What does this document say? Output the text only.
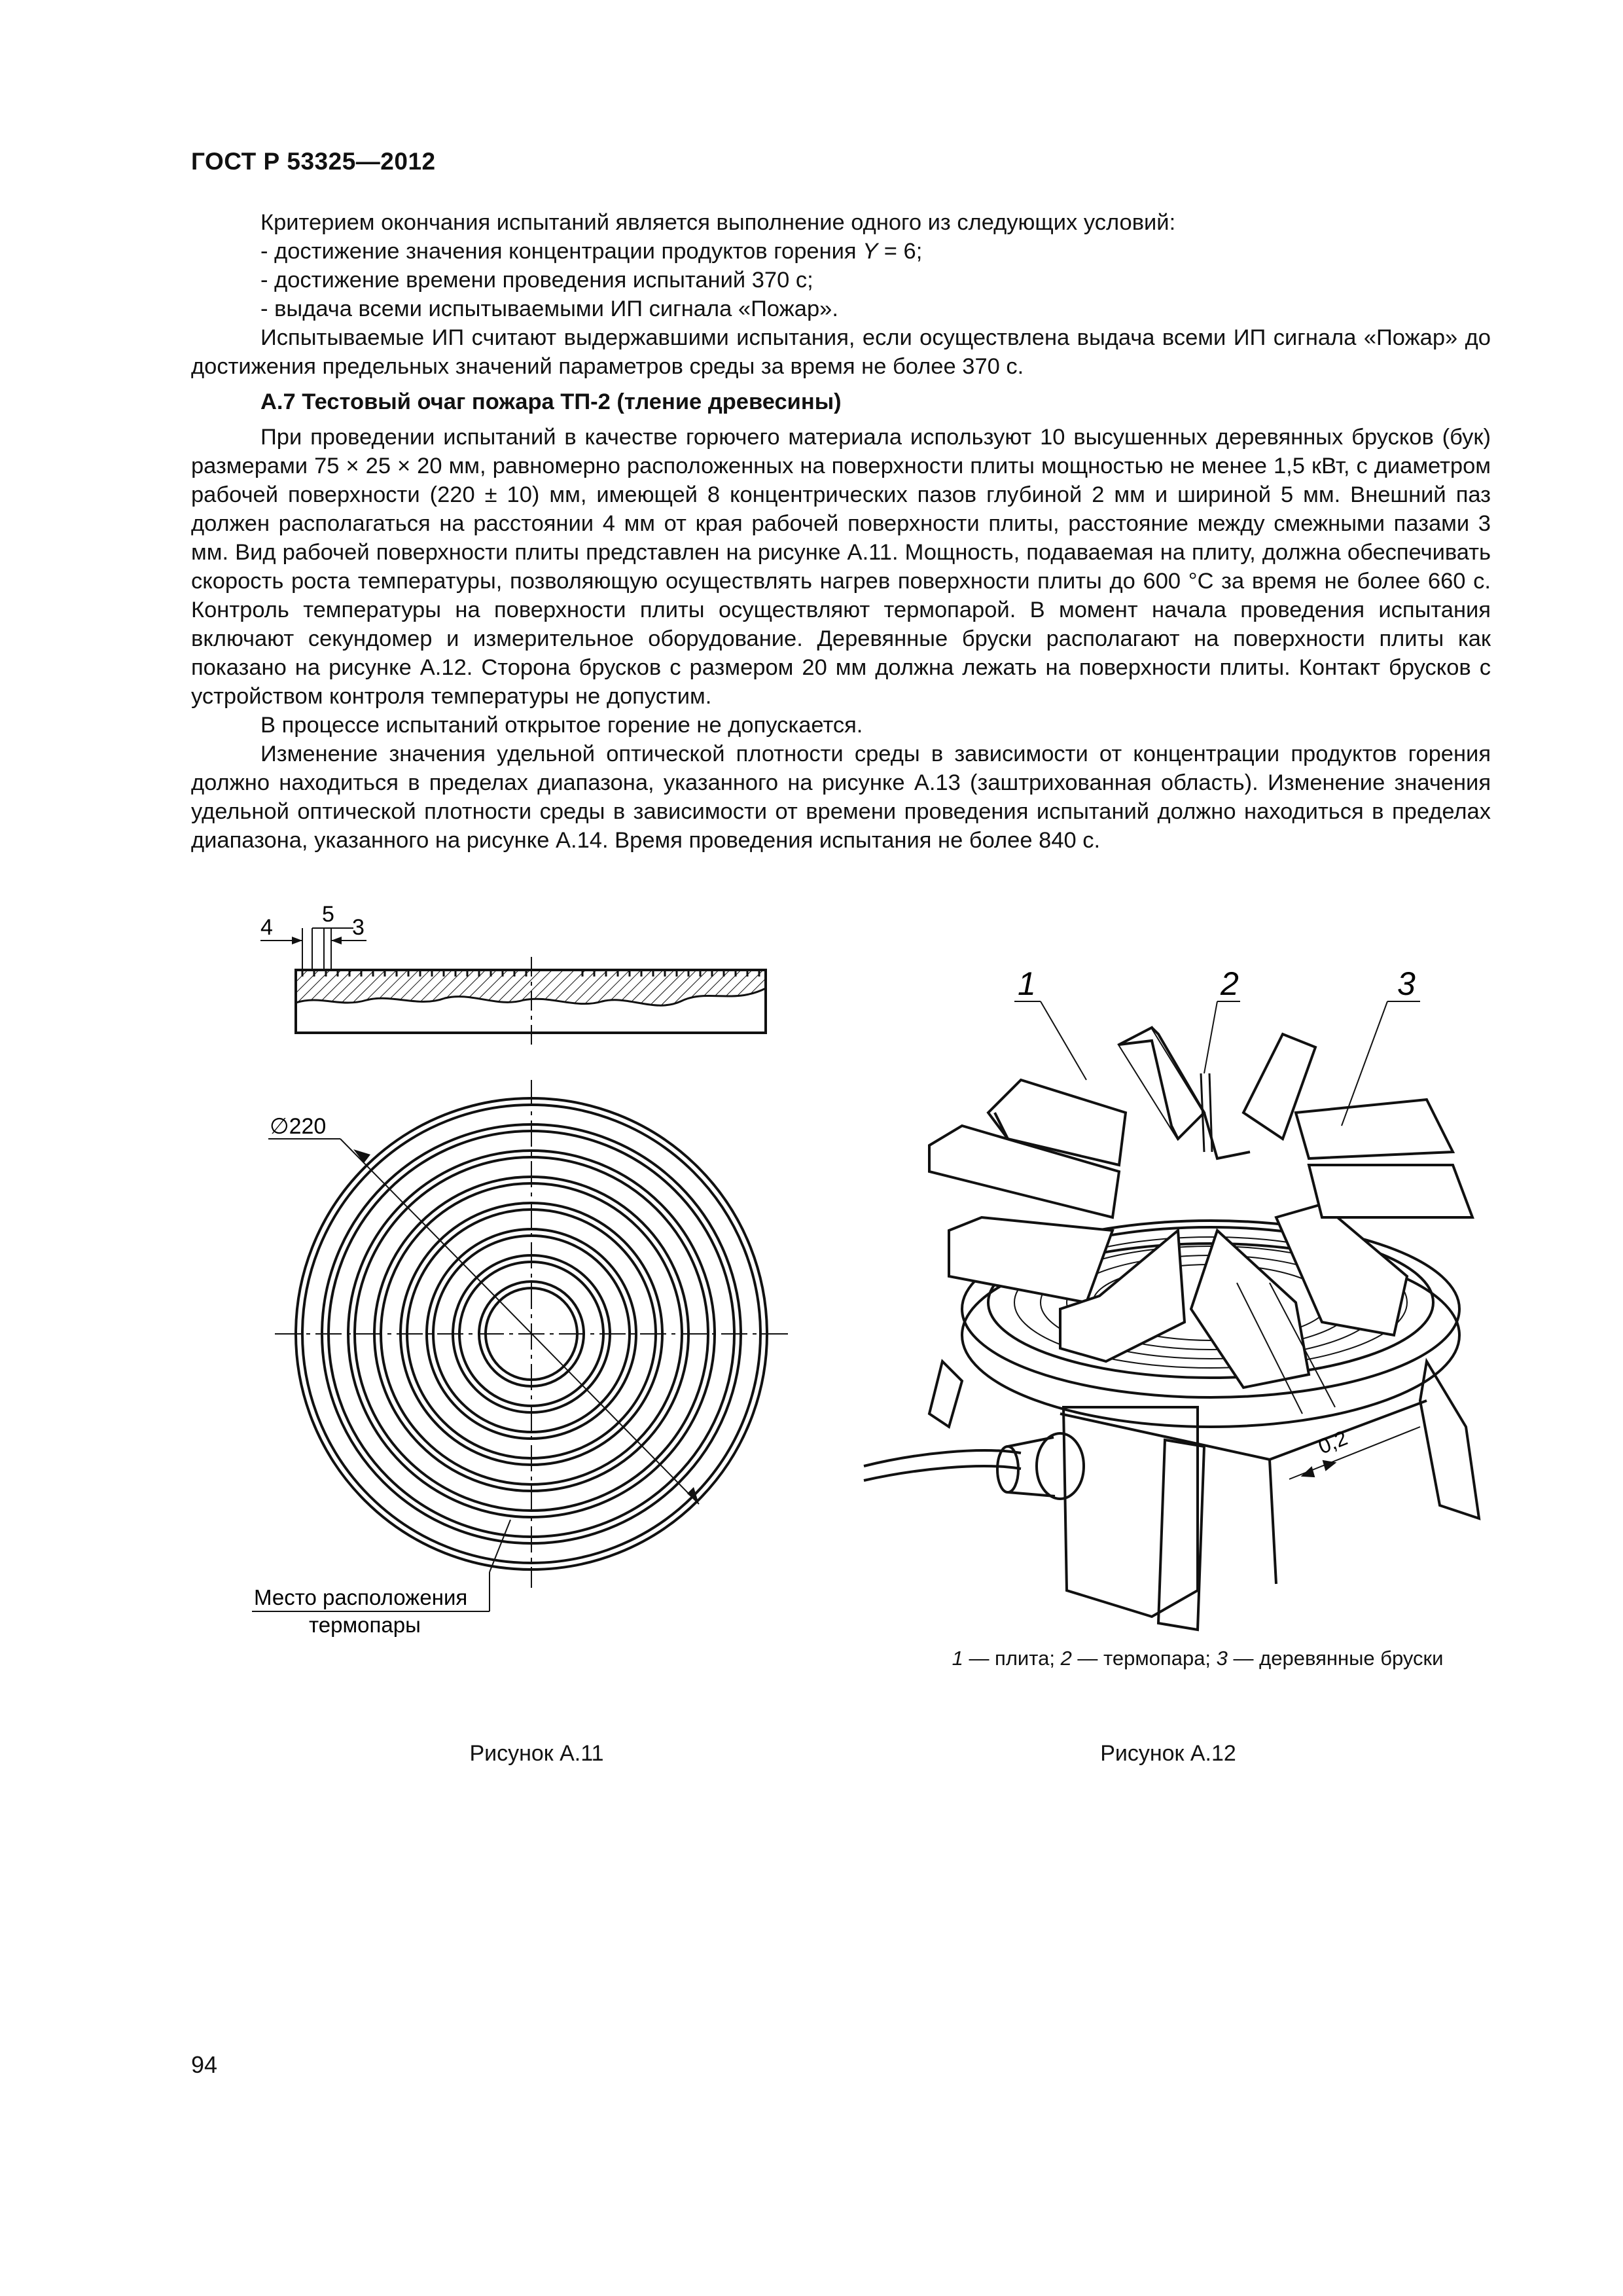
ГОСТ Р 53325—2012

Критерием окончания испытаний является выполнение одного из следующих условий:

- достижение значения концентрации продуктов горения Y = 6;

- достижение времени проведения испытаний 370 с;

- выдача всеми испытываемыми ИП сигнала «Пожар».

Испытываемые ИП считают выдержавшими испытания, если осуществлена выдача всеми ИП сигнала «Пожар» до достижения предельных значений параметров среды за время не более 370 с.

А.7 Тестовый очаг пожара ТП-2 (тление древесины)

При проведении испытаний в качестве горючего материала используют 10 высушенных деревянных брусков (бук) размерами 75 × 25 × 20 мм, равномерно расположенных на поверхности плиты мощностью не менее 1,5 кВт, с диаметром рабочей поверхности (220 ± 10) мм, имеющей 8 концентрических пазов глубиной 2 мм и шириной 5 мм. Внешний паз должен располагаться на расстоянии 4 мм от края рабочей поверхности плиты, расстояние между смежными пазами 3 мм. Вид рабочей поверхности плиты представлен на рисунке А.11. Мощность, подаваемая на плиту, должна обеспечивать скорость роста температуры, позволяющую осуществлять нагрев поверхности плиты до 600 °С за время не более 660 с. Контроль температуры на поверхности плиты осуществляют термопарой. В момент начала проведения испытания включают секундомер и измерительное оборудование. Деревянные бруски располагают на поверхности плиты как показано на рисунке А.12. Сторона брусков с размером 20 мм должна лежать на поверхности плиты. Контакт брусков с устройством контроля температуры не допустим.

В процессе испытаний открытое горение не допускается.

Изменение значения удельной оптической плотности среды в зависимости от концентрации продуктов горения должно находиться в пределах диапазона, указанного на рисунке А.13 (заштрихованная область). Изменение значения удельной оптической плотности среды в зависимости от времени проведения испытаний должно находиться в пределах диапазона, указанного на рисунке А.14. Время проведения испытания не более 840 с.

4
5
3
∅220
Место расположения
термопары
1	2	3
0,2
1 — плита; 2 — термопара; 3 — деревянные бруски
Рисунок А.11	Рисунок А.12
94
